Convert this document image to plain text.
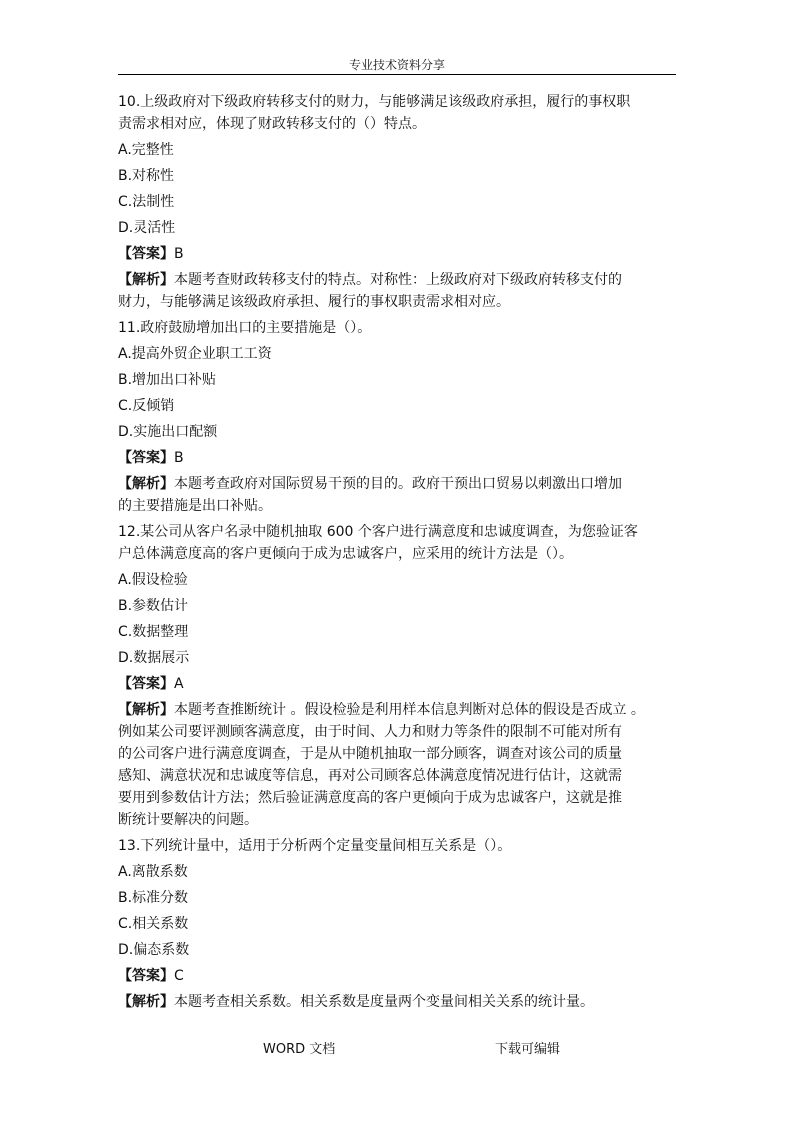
专业技术资料分享
10.上级政府对下级政府转移支付的财力，与能够满足该级政府承担，履行的事权职
责需求相对应，体现了财政转移支付的（）特点。
A.完整性
B.对称性
C.法制性
D.灵活性
【答案】B
【解析】本题考查财政转移支付的特点。对称性：上级政府对下级政府转移支付的
财力，与能够满足该级政府承担、履行的事权职责需求相对应。
11.政府鼓励增加出口的主要措施是（）。
A.提高外贸企业职工工资
B.增加出口补贴
C.反倾销
D.实施出口配额
【答案】B
【解析】本题考查政府对国际贸易干预的目的。政府干预出口贸易以刺激出口增加
的主要措施是出口补贴。
12.某公司从客户名录中随机抽取 600 个客户进行满意度和忠诚度调查，为您验证客
户总体满意度高的客户更倾向于成为忠诚客户，应采用的统计方法是（）。
A.假设检验
B.参数估计
C.数据整理
D.数据展示
【答案】A
【解析】本题考查推断统计 。假设检验是利用样本信息判断对总体的假设是否成立 。
例如某公司要评测顾客满意度，由于时间、人力和财力等条件的限制不可能对所有
的公司客户进行满意度调查，于是从中随机抽取一部分顾客，调查对该公司的质量
感知、满意状况和忠诚度等信息，再对公司顾客总体满意度情况进行估计，这就需
要用到参数估计方法；然后验证满意度高的客户更倾向于成为忠诚客户，这就是推
断统计要解决的问题。
13.下列统计量中，适用于分析两个定量变量间相互关系是（）。
A.离散系数
B.标准分数
C.相关系数
D.偏态系数
【答案】C
【解析】本题考查相关系数。相关系数是度量两个变量间相关关系的统计量。
WORD 文档	下载可编辑
